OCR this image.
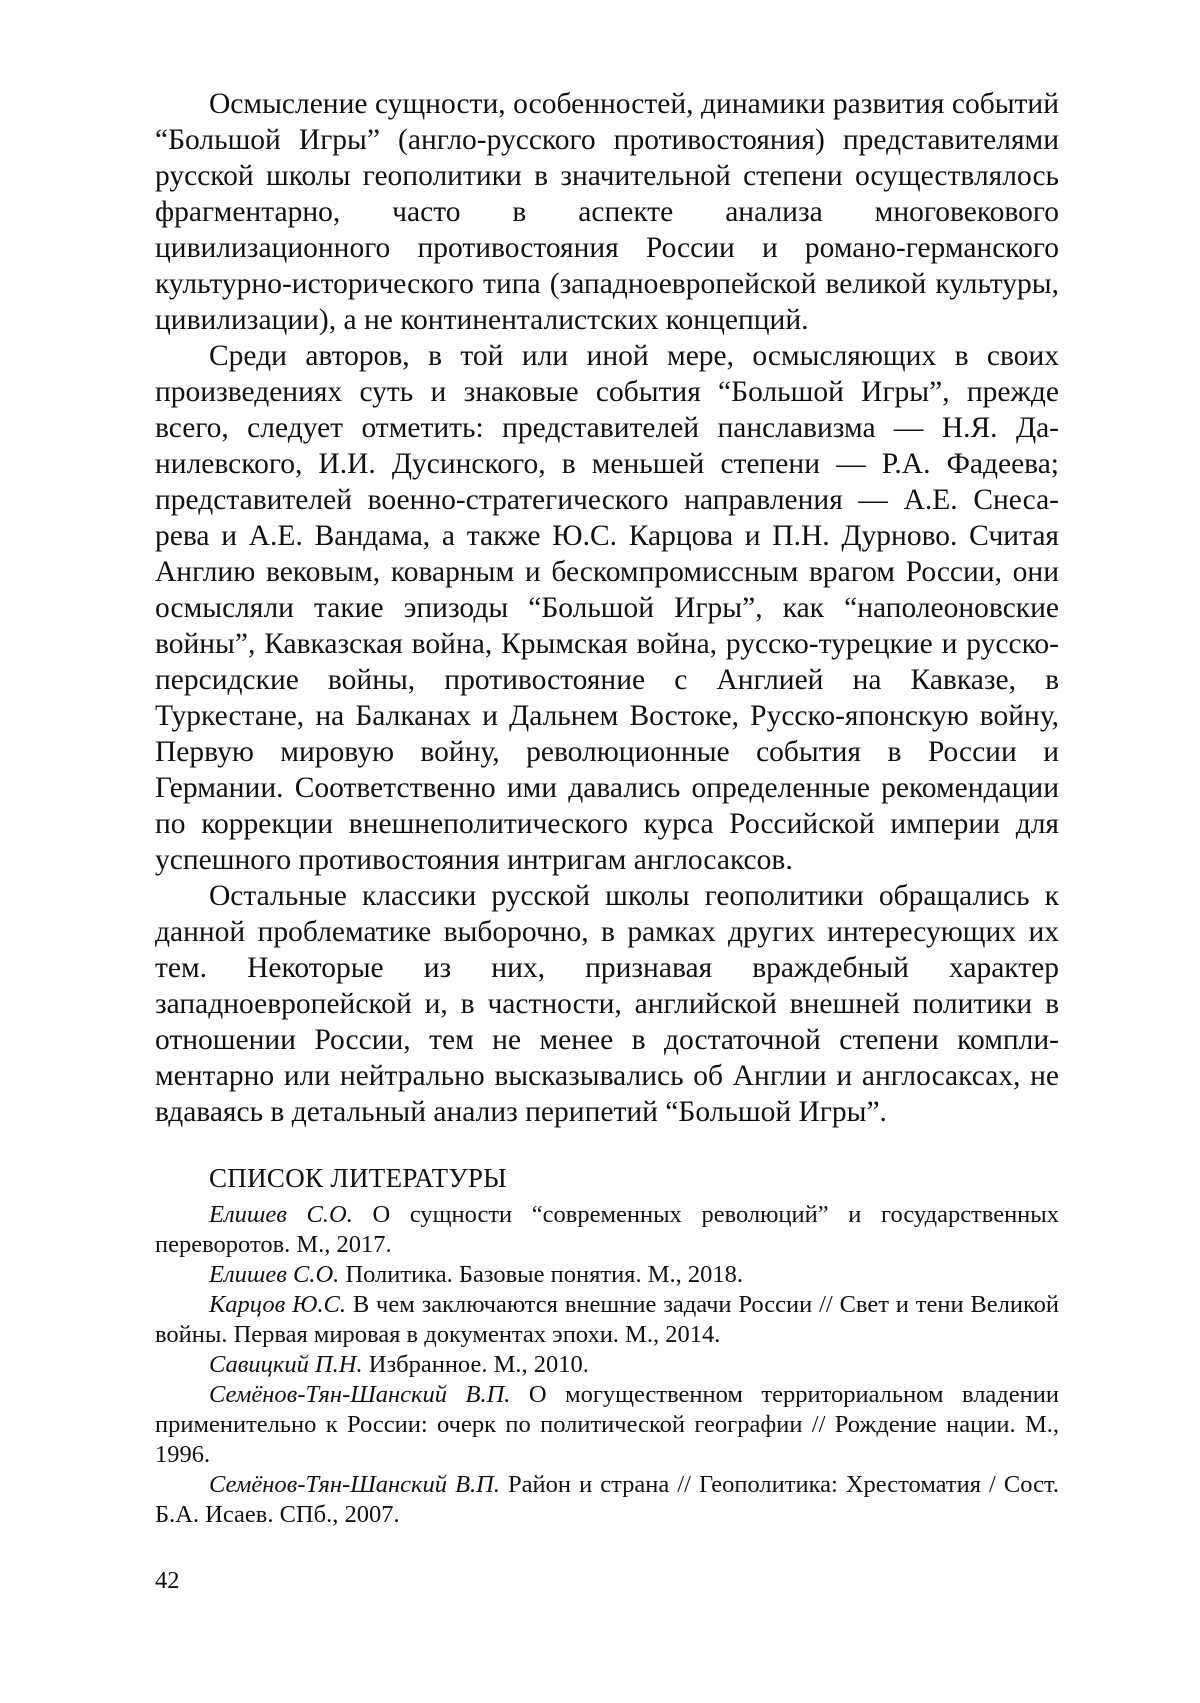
Осмысление сущности, особенностей, динамики развития событий “Большой Игры” (англо-русского противостояния) представителями русской школы геополитики в значительной степени осуществлялось фрагментарно, часто в аспекте анализа многовекового цивилизационного противостояния России и романо-германского культурно-исторического типа (западноевропейской великой культуры, цивилизации), а не континенталистских концепций.

Среди авторов, в той или иной мере, осмысляющих в своих произведениях суть и знаковые события “Большой Игры”, прежде всего, следует отметить: представителей панславизма — Н.Я. Данилевского, И.И. Дусинского, в меньшей степени — Р.А. Фадеева; представителей военно-стратегического направления — А.Е. Снесарева и А.Е. Вандама, а также Ю.С. Карцова и П.Н. Дурново. Считая Англию вековым, коварным и бескомпромиссным врагом России, они осмысляли такие эпизоды “Большой Игры”, как “наполеоновские войны”, Кавказская война, Крымская война, русско-турецкие и русско-персидские войны, противостояние с Англией на Кавказе, в Туркестане, на Балканах и Дальнем Востоке, Русско-японскую войну, Первую мировую войну, революционные события в России и Германии. Соответственно ими давались определенные рекомендации по коррекции внешнеполитического курса Российской империи для успешного противостояния интригам англосаксов.

Остальные классики русской школы геополитики обращались к данной проблематике выборочно, в рамках других интересующих их тем. Некоторые из них, признавая враждебный характер западноевропейской и, в частности, английской внешней политики в отношении России, тем не менее в достаточной степени комплиментарно или нейтрально высказывались об Англии и англосаксах, не вдаваясь в детальный анализ перипетий “Большой Игры”.

СПИСОК ЛИТЕРАТУРЫ
Елишев С.О. О сущности “современных революций” и государственных переворотов. М., 2017.
Елишев С.О. Политика. Базовые понятия. М., 2018.
Карцов Ю.С. В чем заключаются внешние задачи России // Свет и тени Великой войны. Первая мировая в документах эпохи. М., 2014.
Савицкий П.Н. Избранное. М., 2010.
Семёнов-Тян-Шанский В.П. О могущественном территориальном владении применительно к России: очерк по политической географии // Рождение нации. М., 1996.
Семёнов-Тян-Шанский В.П. Район и страна // Геополитика: Хрестоматия / Сост. Б.А. Исаев. СПб., 2007.
42
